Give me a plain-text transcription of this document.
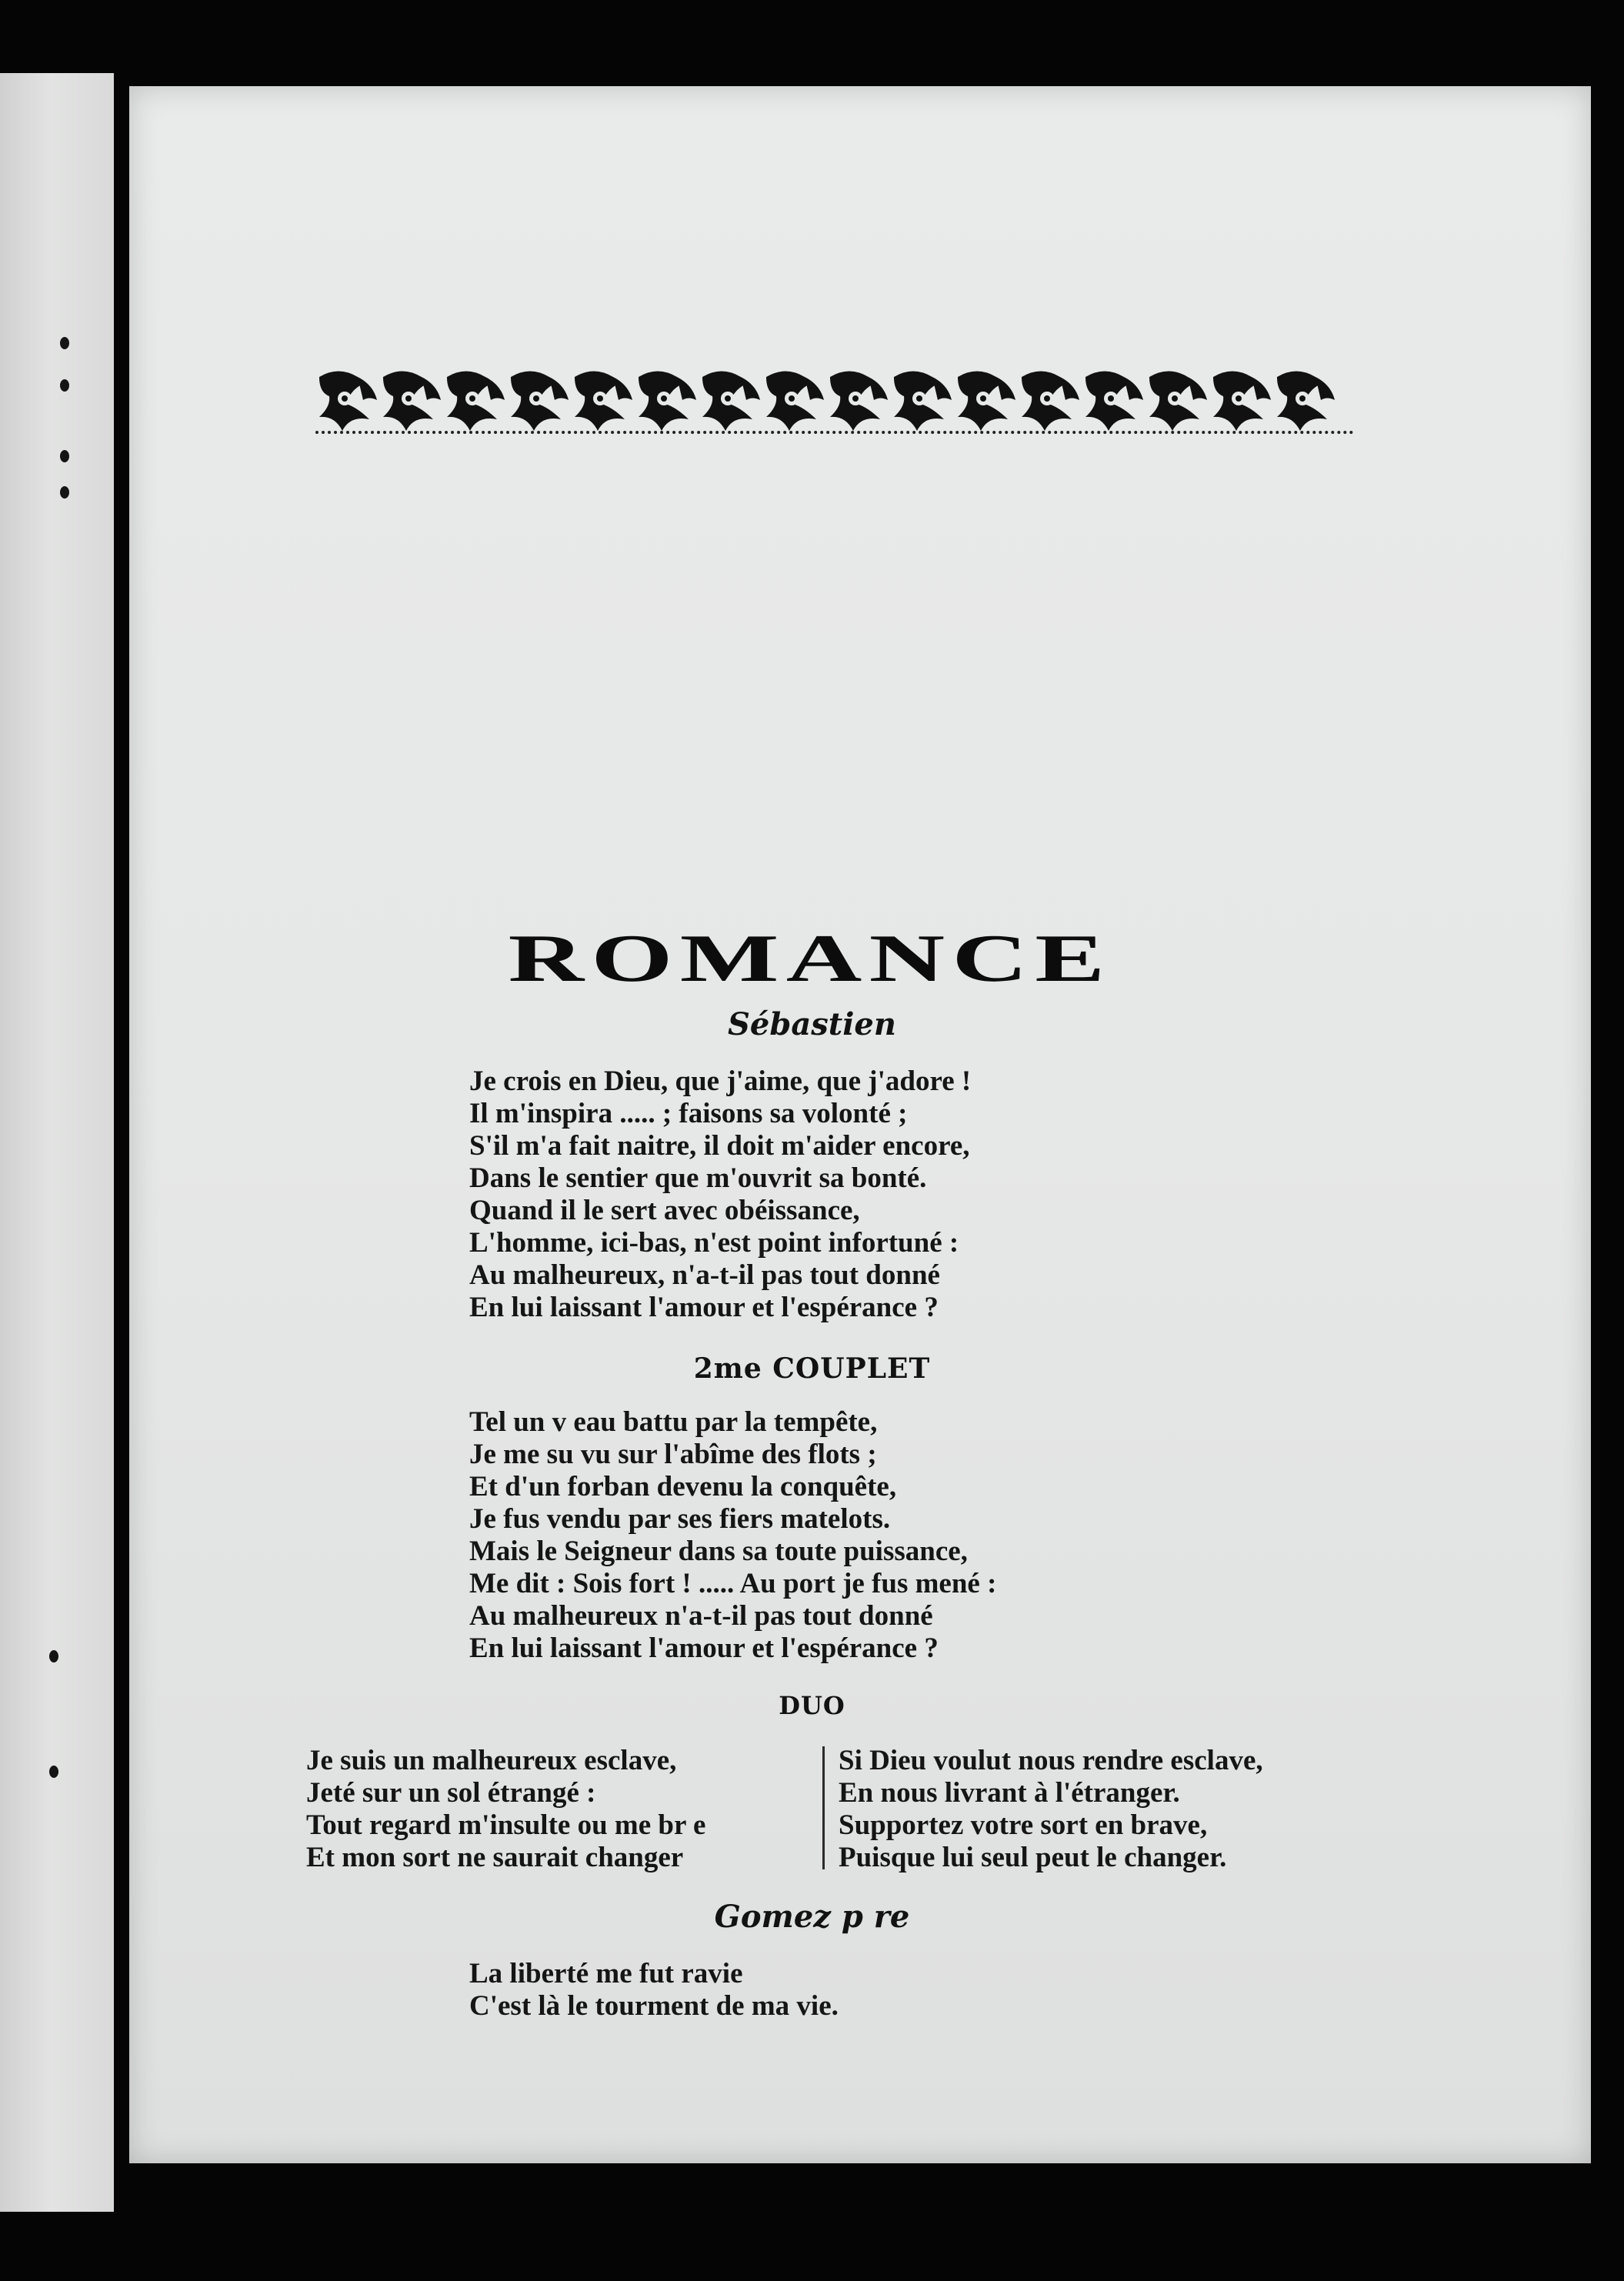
ROMANCE
Sébastien
Je crois en Dieu, que j'aime, que j'adore !
Il m'inspira ..... ; faisons sa volonté ;
S'il m'a fait naitre, il doit m'aider encore,
Dans le sentier que m'ouvrit sa bonté.
Quand il le sert avec obéissance,
L'homme, ici-bas, n'est point infortuné :
Au malheureux, n'a-t-il pas tout donné
En lui laissant l'amour et l'espérance ?
2me COUPLET
Tel un v eau battu par la tempête,
Je me su vu sur l'abîme des flots ;
Et d'un forban devenu la conquête,
Je fus vendu par ses fiers matelots.
Mais le Seigneur dans sa toute puissance,
Me dit : Sois fort ! ..... Au port je fus mené :
Au malheureux n'a-t-il pas tout donné
En lui laissant l'amour et l'espérance ?
DUO
Je suis un malheureux esclave,
Jeté sur un sol étrangé :
Tout regard m'insulte ou me br e
Et mon sort ne saurait changer
Si Dieu voulut nous rendre esclave,
En nous livrant à l'étranger.
Supportez votre sort en brave,
Puisque lui seul peut le changer.
Gomez p re
La liberté me fut ravie
C'est là le tourment de ma vie.
